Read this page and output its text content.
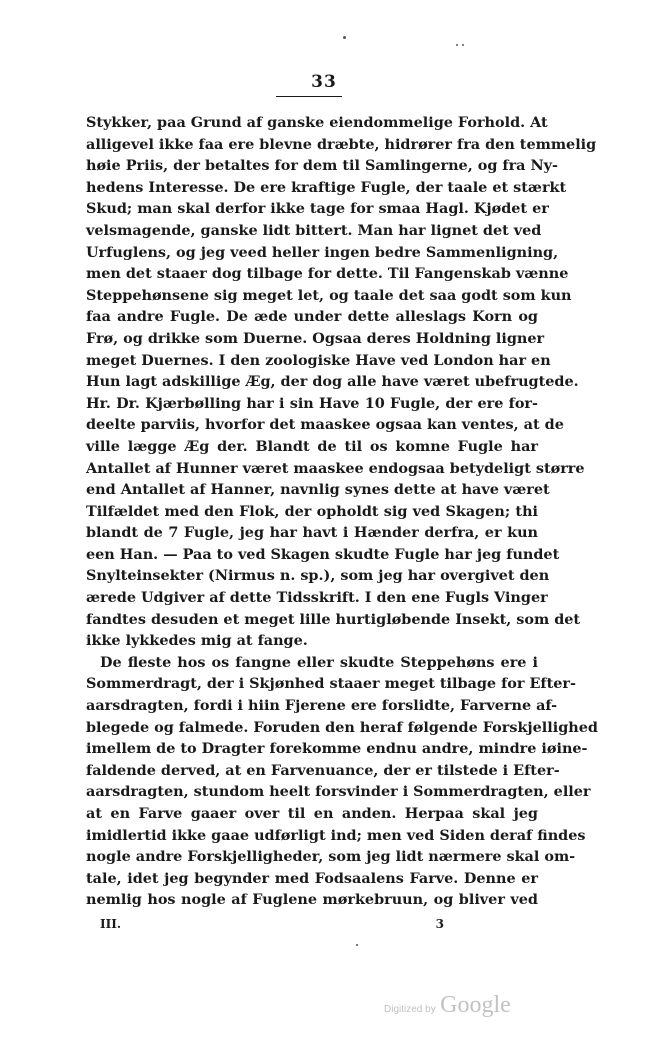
33
Stykker, paa Grund af ganske eiendommelige Forhold. At
alligevel ikke faa ere blevne dræbte, hidrører fra den temmelig
høie Priis, der betaltes for dem til Samlingerne, og fra Ny-
hedens Interesse. De ere kraftige Fugle, der taale et stærkt
Skud; man skal derfor ikke tage for smaa Hagl. Kjødet er
velsmagende, ganske lidt bittert. Man har lignet det ved
Urfuglens, og jeg veed heller ingen bedre Sammenligning,
men det staaer dog tilbage for dette. Til Fangenskab vænne
Steppehønsene sig meget let, og taale det saa godt som kun
faa andre Fugle. De æde under dette alleslags Korn og
Frø, og drikke som Duerne. Ogsaa deres Holdning ligner
meget Duernes. I den zoologiske Have ved London har en
Hun lagt adskillige Æg, der dog alle have været ubefrugtede.
Hr. Dr. Kjærbølling har i sin Have 10 Fugle, der ere for-
deelte parviis, hvorfor det maaskee ogsaa kan ventes, at de
ville lægge Æg der. Blandt de til os komne Fugle har
Antallet af Hunner været maaskee endogsaa betydeligt større
end Antallet af Hanner, navnlig synes dette at have været
Tilfældet med den Flok, der opholdt sig ved Skagen; thi
blandt de 7 Fugle, jeg har havt i Hænder derfra, er kun
een Han. — Paa to ved Skagen skudte Fugle har jeg fundet
Snylteinsekter (Nirmus n. sp.), som jeg har overgivet den
ærede Udgiver af dette Tidsskrift. I den ene Fugls Vinger
fandtes desuden et meget lille hurtigløbende Insekt, som det
ikke lykkedes mig at fange.
De fleste hos os fangne eller skudte Steppehøns ere i
Sommerdragt, der i Skjønhed staaer meget tilbage for Efter-
aarsdragten, fordi i hiin Fjerene ere forslidte, Farverne af-
blegede og falmede. Foruden den heraf følgende Forskjellighed
imellem de to Dragter forekomme endnu andre, mindre iøine-
faldende derved, at en Farvenuance, der er tilstede i Efter-
aarsdragten, stundom heelt forsvinder i Sommerdragten, eller
at en Farve gaaer over til en anden. Herpaa skal jeg
imidlertid ikke gaae udførligt ind; men ved Siden deraf findes
nogle andre Forskjelligheder, som jeg lidt nærmere skal om-
tale, idet jeg begynder med Fodsaalens Farve. Denne er
nemlig hos nogle af Fuglene mørkebruun, og bliver ved
III.	3
Digitized by Google
